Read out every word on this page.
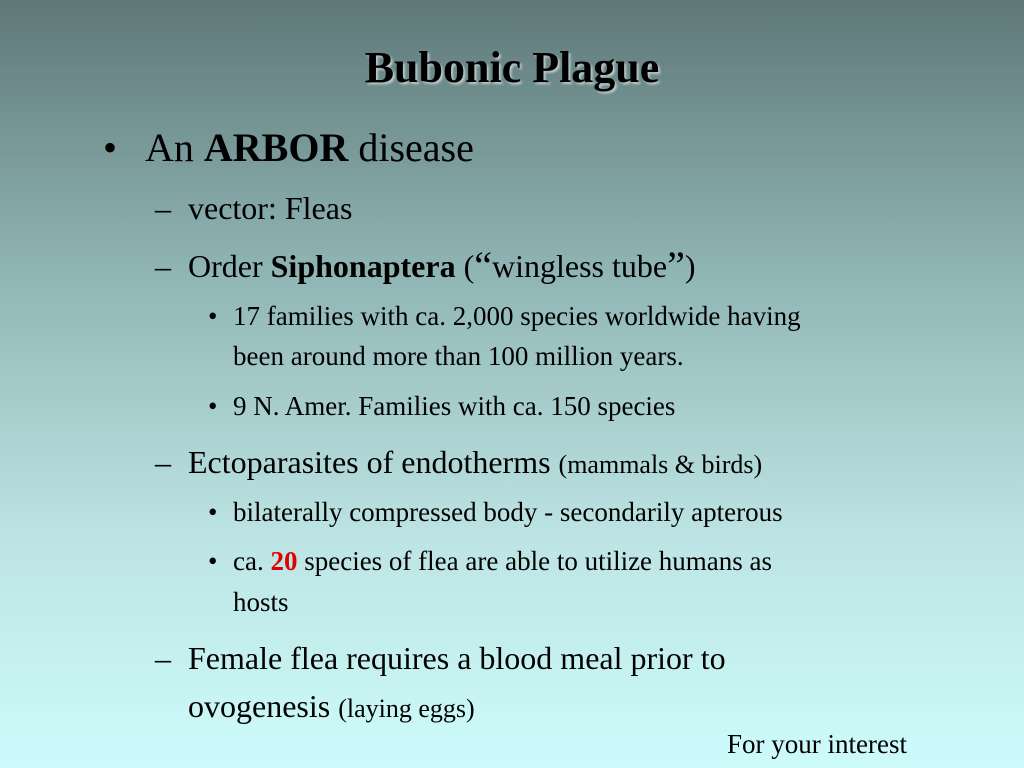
Bubonic Plague
• An ARBOR disease
– vector: Fleas
– Order Siphonaptera (“wingless tube”)
• 17 families with ca. 2,000 species worldwide having
been around more than 100 million years.
• 9 N. Amer. Families with ca. 150 species
– Ectoparasites of endotherms (mammals & birds)
• bilaterally compressed body - secondarily apterous
• ca. 20 species of flea are able to utilize humans as
hosts
– Female flea requires a blood meal prior to
ovogenesis (laying eggs)
For your interest
